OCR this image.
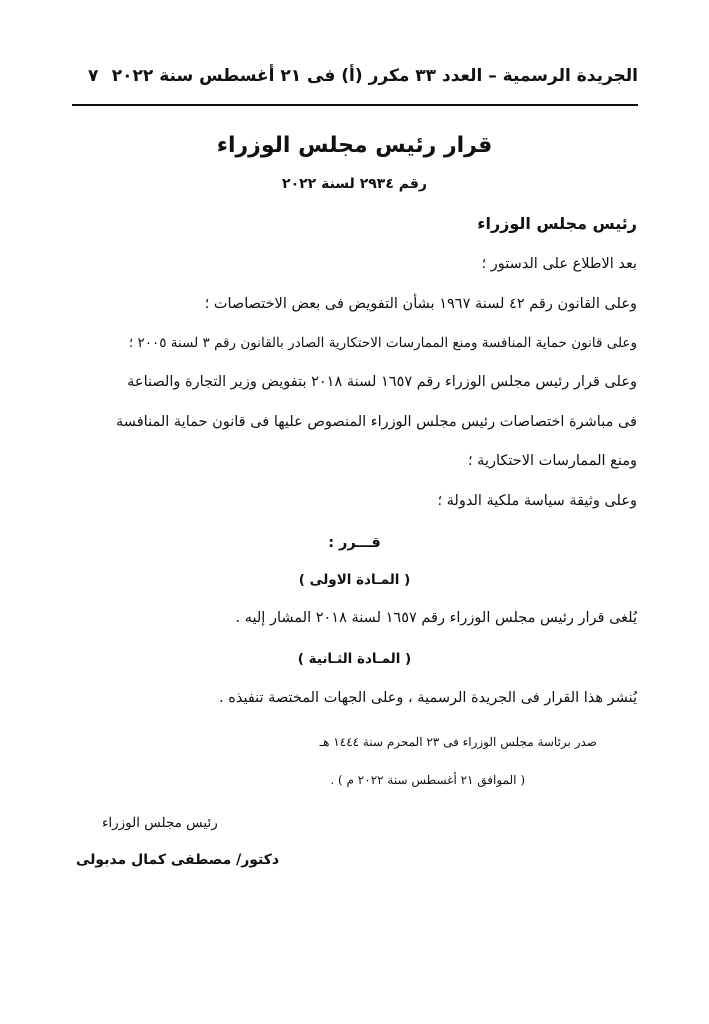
الجريدة الرسمية – العدد ٣٣ مكرر (أ) فى ٢١ أغسطس سنة ٢٠٢٢
٧
قرار رئيس مجلس الوزراء
رقم ٢٩٣٤ لسنة ٢٠٢٢
رئيس مجلس الوزراء
بعد الاطلاع على الدستور ؛
وعلى القانون رقم ٤٢ لسنة ١٩٦٧ بشأن التفويض فى بعض الاختصاصات ؛
وعلى قانون حماية المنافسة ومنع الممارسات الاحتكارية الصادر بالقانون رقم ٣ لسنة ٢٠٠٥ ؛
وعلى قرار رئيس مجلس الوزراء رقم ١٦٥٧ لسنة ٢٠١٨ بتفويض وزير التجارة والصناعة
فى مباشرة اختصاصات رئيس مجلس الوزراء المنصوص عليها فى قانون حماية المنافسة
ومنع الممارسات الاحتكارية ؛
وعلى وثيقة سياسة ملكية الدولة ؛
قـــرر :
( المـادة الاولى )
يُلغى قرار رئيس مجلس الوزراء رقم ١٦٥٧ لسنة ٢٠١٨ المشار إليه .
( المـادة الثـانية )
يُنشر هذا القرار فى الجريدة الرسمية ، وعلى الجهات المختصة تنفيذه .
صدر برئاسة مجلس الوزراء فى ٢٣ المحرم سنة ١٤٤٤ هـ
( الموافق ٢١ أغسطس سنة ٢٠٢٢ م ) .
رئيس مجلس الوزراء
دكتور/ مصطفى كمال مدبولى
